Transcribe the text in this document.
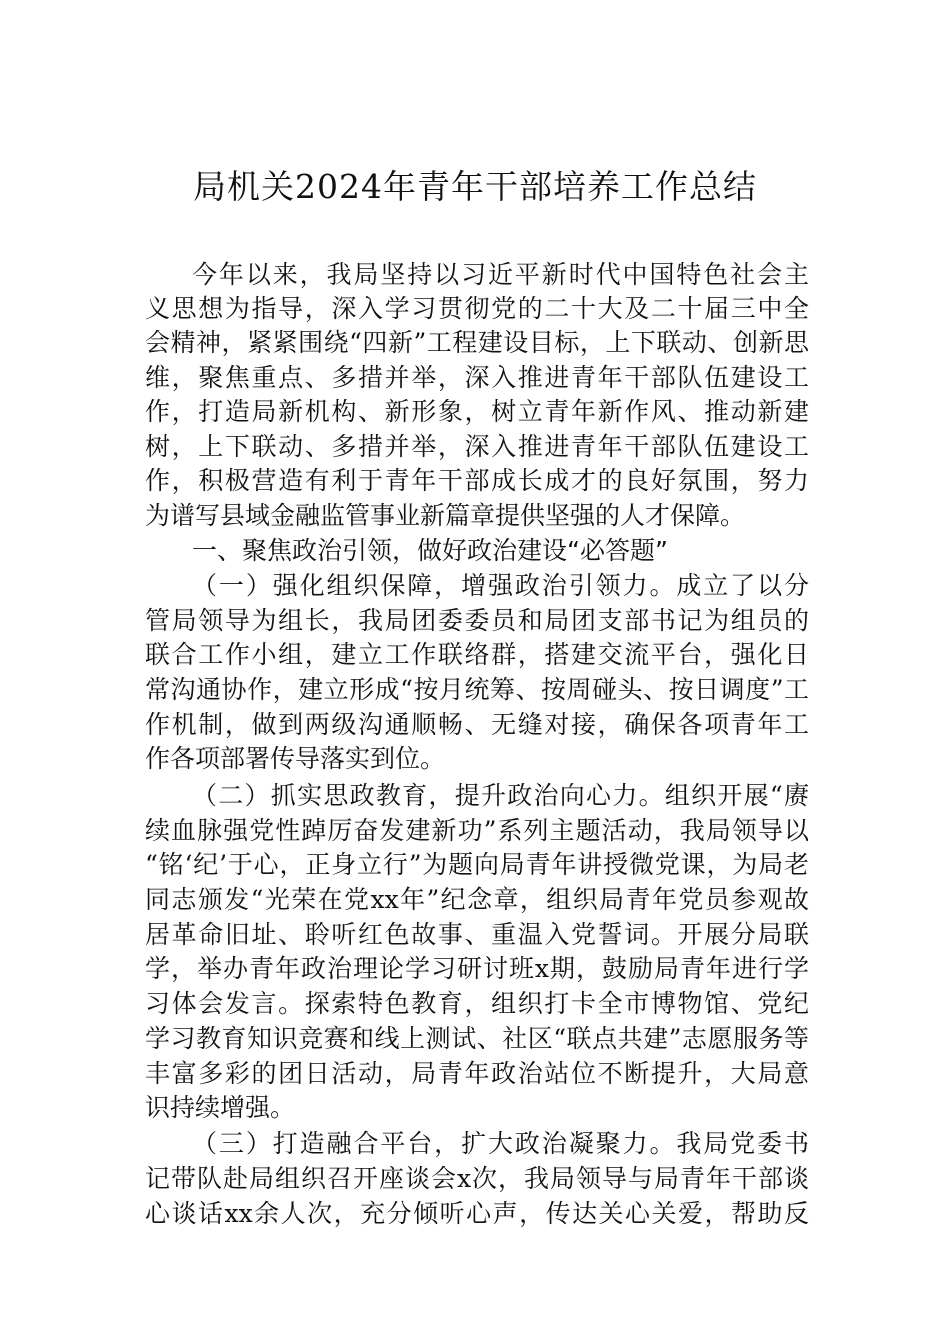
局机关2024年青年干部培养工作总结
今年以来，我局坚持以习近平新时代中国特色社会主
义思想为指导，深入学习贯彻党的二十大及二十届三中全
会精神，紧紧围绕“四新”工程建设目标，上下联动、创新思
维，聚焦重点、多措并举，深入推进青年干部队伍建设工
作，打造局新机构、新形象，树立青年新作风、推动新建
树，上下联动、多措并举，深入推进青年干部队伍建设工
作，积极营造有利于青年干部成长成才的良好氛围，努力
为谱写县域金融监管事业新篇章提供坚强的人才保障。
一、聚焦政治引领，做好政治建设“必答题”
（一）强化组织保障，增强政治引领力。成立了以分
管局领导为组长，我局团委委员和局团支部书记为组员的
联合工作小组，建立工作联络群，搭建交流平台，强化日
常沟通协作，建立形成“按月统筹、按周碰头、按日调度”工
作机制，做到两级沟通顺畅、无缝对接，确保各项青年工
作各项部署传导落实到位。
（二）抓实思政教育，提升政治向心力。组织开展“赓
续血脉强党性踔厉奋发建新功”系列主题活动，我局领导以
“铭‘纪’于心，正身立行”为题向局青年讲授微党课，为局老
同志颁发“光荣在党xx年”纪念章，组织局青年党员参观故
居革命旧址、聆听红色故事、重温入党誓词。开展分局联
学，举办青年政治理论学习研讨班x期，鼓励局青年进行学
习体会发言。探索特色教育，组织打卡全市博物馆、党纪
学习教育知识竞赛和线上测试、社区“联点共建”志愿服务等
丰富多彩的团日活动，局青年政治站位不断提升，大局意
识持续增强。
（三）打造融合平台，扩大政治凝聚力。我局党委书
记带队赴局组织召开座谈会x次，我局领导与局青年干部谈
心谈话xx余人次，充分倾听心声，传达关心关爱，帮助反
